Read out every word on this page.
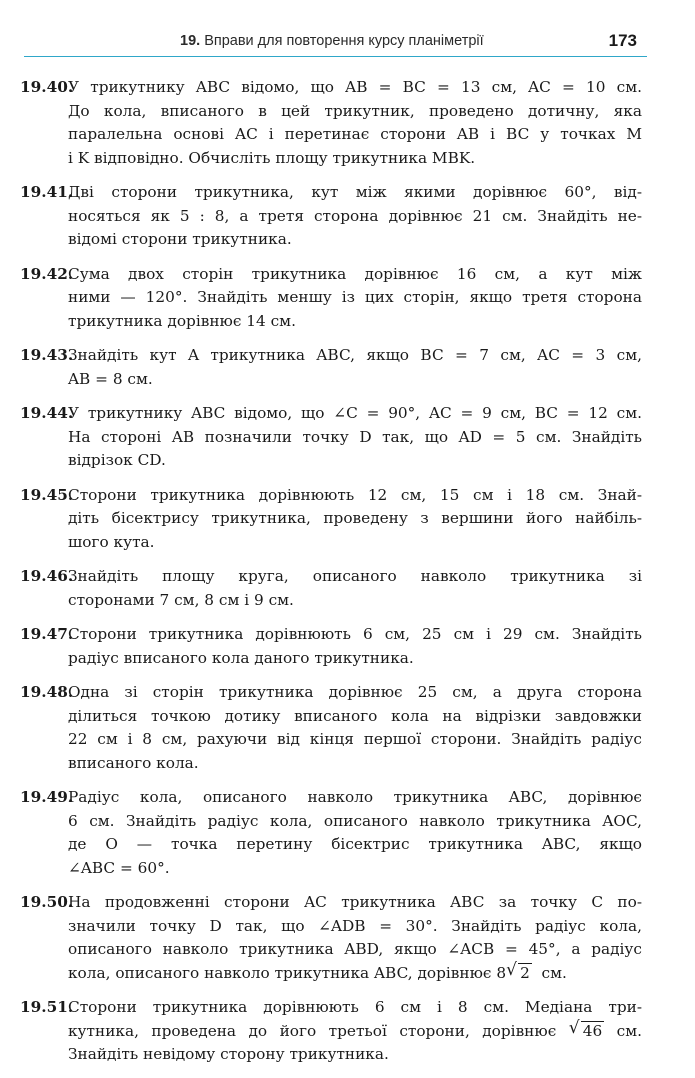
19. Вправи для повторення курсу планіметрії	173
19.40.
У трикутнику ABC відомо, що AB = BC = 13 см, AC = 10 см.
До кола, вписаного в цей трикутник, проведено дотичну, яка
паралельна основі AC і перетинає сторони AB і BC у точках M
і K відповідно. Обчисліть площу трикутника MBK.
19.41.
Дві сторони трикутника, кут між якими дорівнює 60°, від-
носяться як 5 : 8, а третя сторона дорівнює 21 см. Знайдіть не-
відомі сторони трикутника.
19.42.
Сума двох сторін трикутника дорівнює 16 см, а кут між
ними — 120°. Знайдіть меншу із цих сторін, якщо третя сторона
трикутника дорівнює 14 см.
19.43.
Знайдіть кут A трикутника ABC, якщо BC = 7 см, AC = 3 см,
AB = 8 см.
19.44.
У трикутнику ABC відомо, що ∠C = 90°, AC = 9 см, BC = 12 см.
На стороні AB позначили точку D так, що AD = 5 см. Знайдіть
відрізок CD.
19.45.
Сторони трикутника дорівнюють 12 см, 15 см і 18 см. Знай-
діть бісектрису трикутника, проведену з вершини його найбіль-
шого кута.
19.46.
Знайдіть площу круга, описаного навколо трикутника зі
сторонами 7 см, 8 см і 9 см.
19.47.
Сторони трикутника дорівнюють 6 см, 25 см і 29 см. Знайдіть
радіус вписаного кола даного трикутника.
19.48.
Одна зі сторін трикутника дорівнює 25 см, а друга сторона
ділиться точкою дотику вписаного кола на відрізки завдовжки
22 см і 8 см, рахуючи від кінця першої сторони. Знайдіть радіус
вписаного кола.
19.49.
Радіус кола, описаного навколо трикутника ABC, дорівнює
6 см. Знайдіть радіус кола, описаного навколо трикутника AOC,
де O — точка перетину бісектрис трикутника ABC, якщо
∠ABC = 60°.
19.50.
На продовженні сторони AC трикутника ABC за точку C по-
значили точку D так, що ∠ADB = 30°. Знайдіть радіус кола,
описаного навколо трикутника ABD, якщо ∠ACB = 45°, а радіус
кола, описаного навколо трикутника ABC, дорівнює 8 √ 2 см.
19.51.
Сторони трикутника дорівнюють 6 см і 8 см. Медіана три-
кутника, проведена до його третьої сторони, дорівнює √ 46 см.
Знайдіть невідому сторону трикутника.
